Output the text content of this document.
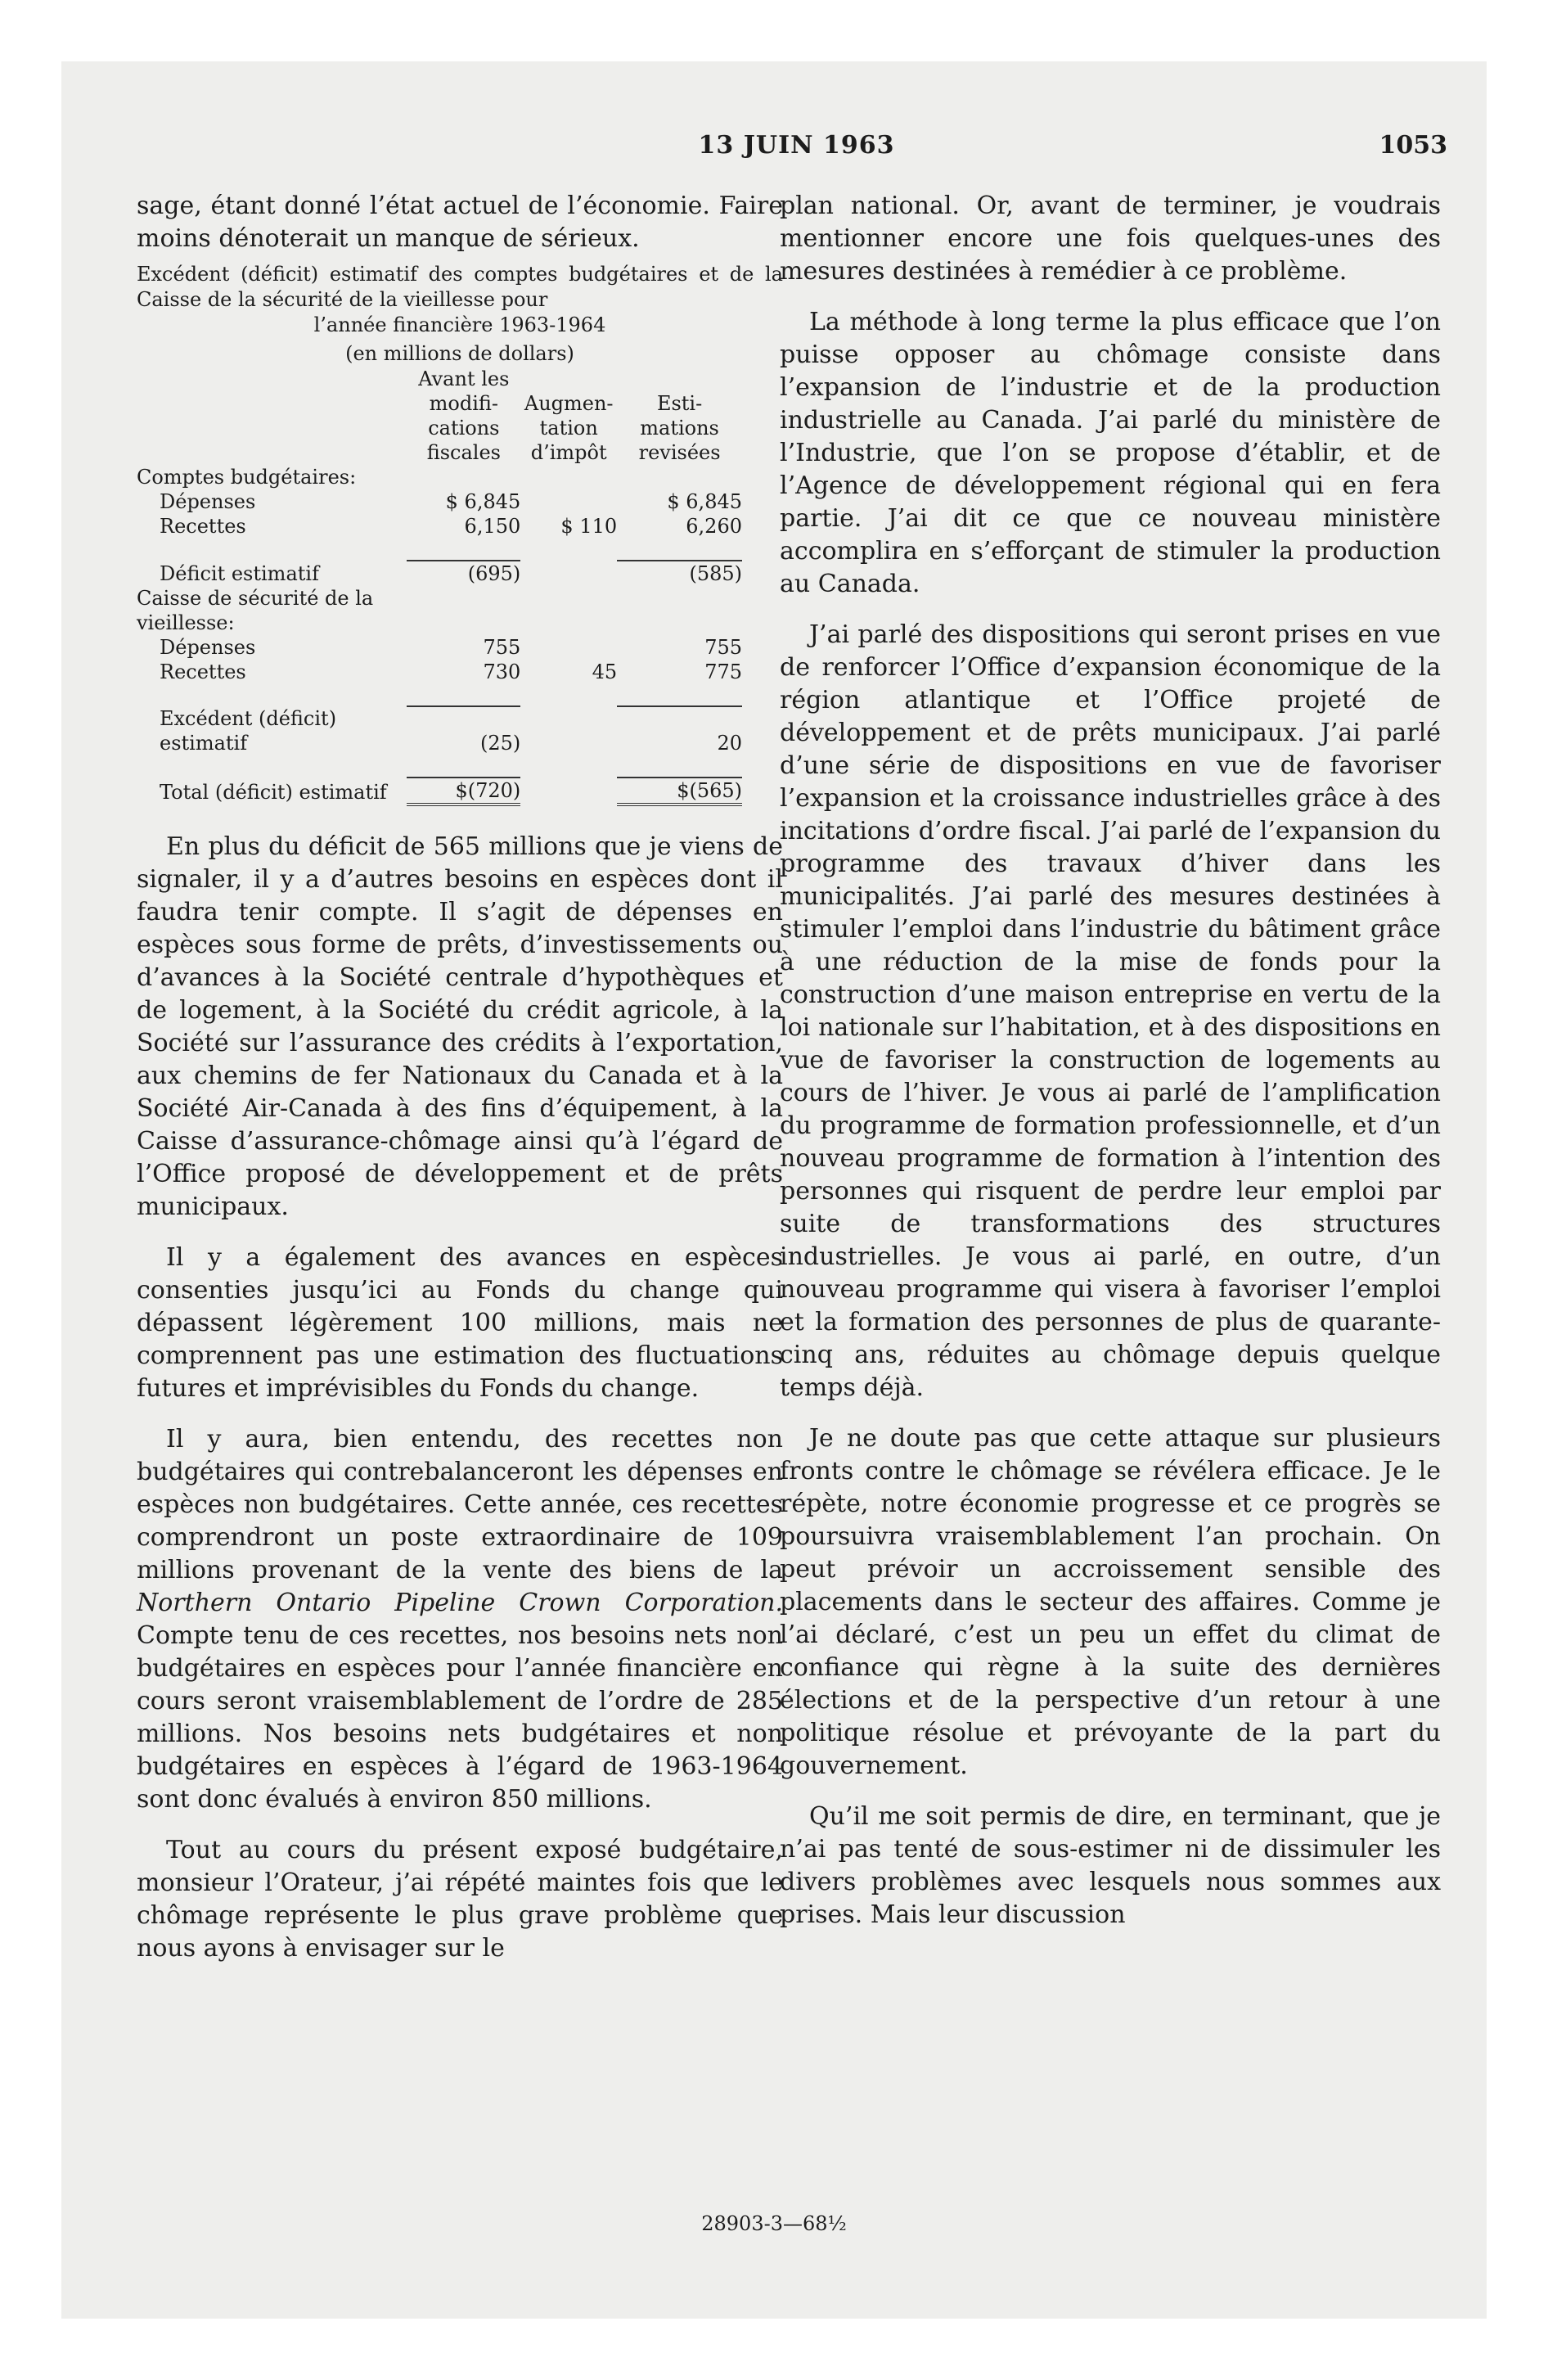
13 JUIN 1963	1053

sage, étant donné l’état actuel de l’économie. Faire moins dénoterait un manque de sérieux.

Excédent (déficit) estimatif des comptes budgétaires et de la Caisse de la sécurité de la vieillesse pour
l’année financière 1963-1964
(en millions de dollars)
	Avant les modifi- cations fiscales	Augmen- tation d’impôt	Esti- mations revisées
Comptes budgétaires:			
Dépenses	$ 6,845		$ 6,845
Recettes	6,150	$ 110	6,260

Déficit estimatif	(695)		(585)
Caisse de sécurité de la vieillesse:			
Dépenses	755		755
Recettes	730	45	775

Excédent (déficit) estimatif	(25)		20

Total (déficit) estimatif	$(720)		$(565)

En plus du déficit de 565 millions que je viens de signaler, il y a d’autres besoins en espèces dont il faudra tenir compte. Il s’agit de dépenses en espèces sous forme de prêts, d’investissements ou d’avances à la Société centrale d’hypothèques et de logement, à la Société du crédit agricole, à la Société sur l’assurance des crédits à l’exportation, aux chemins de fer Nationaux du Canada et à la Société Air-Canada à des fins d’équipement, à la Caisse d’assurance-chômage ainsi qu’à l’égard de l’Office proposé de développement et de prêts municipaux.

Il y a également des avances en espèces consenties jusqu’ici au Fonds du change qui dépassent légèrement 100 millions, mais ne comprennent pas une estimation des fluctuations futures et imprévisibles du Fonds du change.

Il y aura, bien entendu, des recettes non budgétaires qui contrebalanceront les dépenses en espèces non budgétaires. Cette année, ces recettes comprendront un poste extraordinaire de 109 millions provenant de la vente des biens de la Northern Ontario Pipeline Crown Corporation. Compte tenu de ces recettes, nos besoins nets non budgétaires en espèces pour l’année financière en cours seront vraisemblablement de l’ordre de 285 millions. Nos besoins nets budgétaires et non budgétaires en espèces à l’égard de 1963-1964 sont donc évalués à environ 850 millions.

Tout au cours du présent exposé budgétaire, monsieur l’Orateur, j’ai répété maintes fois que le chômage représente le plus grave problème que nous ayons à envisager sur le

plan national. Or, avant de terminer, je voudrais mentionner encore une fois quelques-unes des mesures destinées à remédier à ce problème.

La méthode à long terme la plus efficace que l’on puisse opposer au chômage consiste dans l’expansion de l’industrie et de la production industrielle au Canada. J’ai parlé du ministère de l’Industrie, que l’on se propose d’établir, et de l’Agence de développement régional qui en fera partie. J’ai dit ce que ce nouveau ministère accomplira en s’efforçant de stimuler la production au Canada.

J’ai parlé des dispositions qui seront prises en vue de renforcer l’Office d’expansion économique de la région atlantique et l’Office projeté de développement et de prêts municipaux. J’ai parlé d’une série de dispositions en vue de favoriser l’expansion et la croissance industrielles grâce à des incitations d’ordre fiscal. J’ai parlé de l’expansion du programme des travaux d’hiver dans les municipalités. J’ai parlé des mesures destinées à stimuler l’emploi dans l’industrie du bâtiment grâce à une réduction de la mise de fonds pour la construction d’une maison entreprise en vertu de la loi nationale sur l’habitation, et à des dispositions en vue de favoriser la construction de logements au cours de l’hiver. Je vous ai parlé de l’amplification du programme de formation professionnelle, et d’un nouveau programme de formation à l’intention des personnes qui risquent de perdre leur emploi par suite de transformations des structures industrielles. Je vous ai parlé, en outre, d’un nouveau programme qui visera à favoriser l’emploi et la formation des personnes de plus de quarante-cinq ans, réduites au chômage depuis quelque temps déjà.

Je ne doute pas que cette attaque sur plusieurs fronts contre le chômage se révélera efficace. Je le répète, notre économie progresse et ce progrès se poursuivra vraisemblablement l’an prochain. On peut prévoir un accroissement sensible des placements dans le secteur des affaires. Comme je l’ai déclaré, c’est un peu un effet du climat de confiance qui règne à la suite des dernières élections et de la perspective d’un retour à une politique résolue et prévoyante de la part du gouvernement.

Qu’il me soit permis de dire, en terminant, que je n’ai pas tenté de sous-estimer ni de dissimuler les divers problèmes avec lesquels nous sommes aux prises. Mais leur discussion

28903-3—68½
